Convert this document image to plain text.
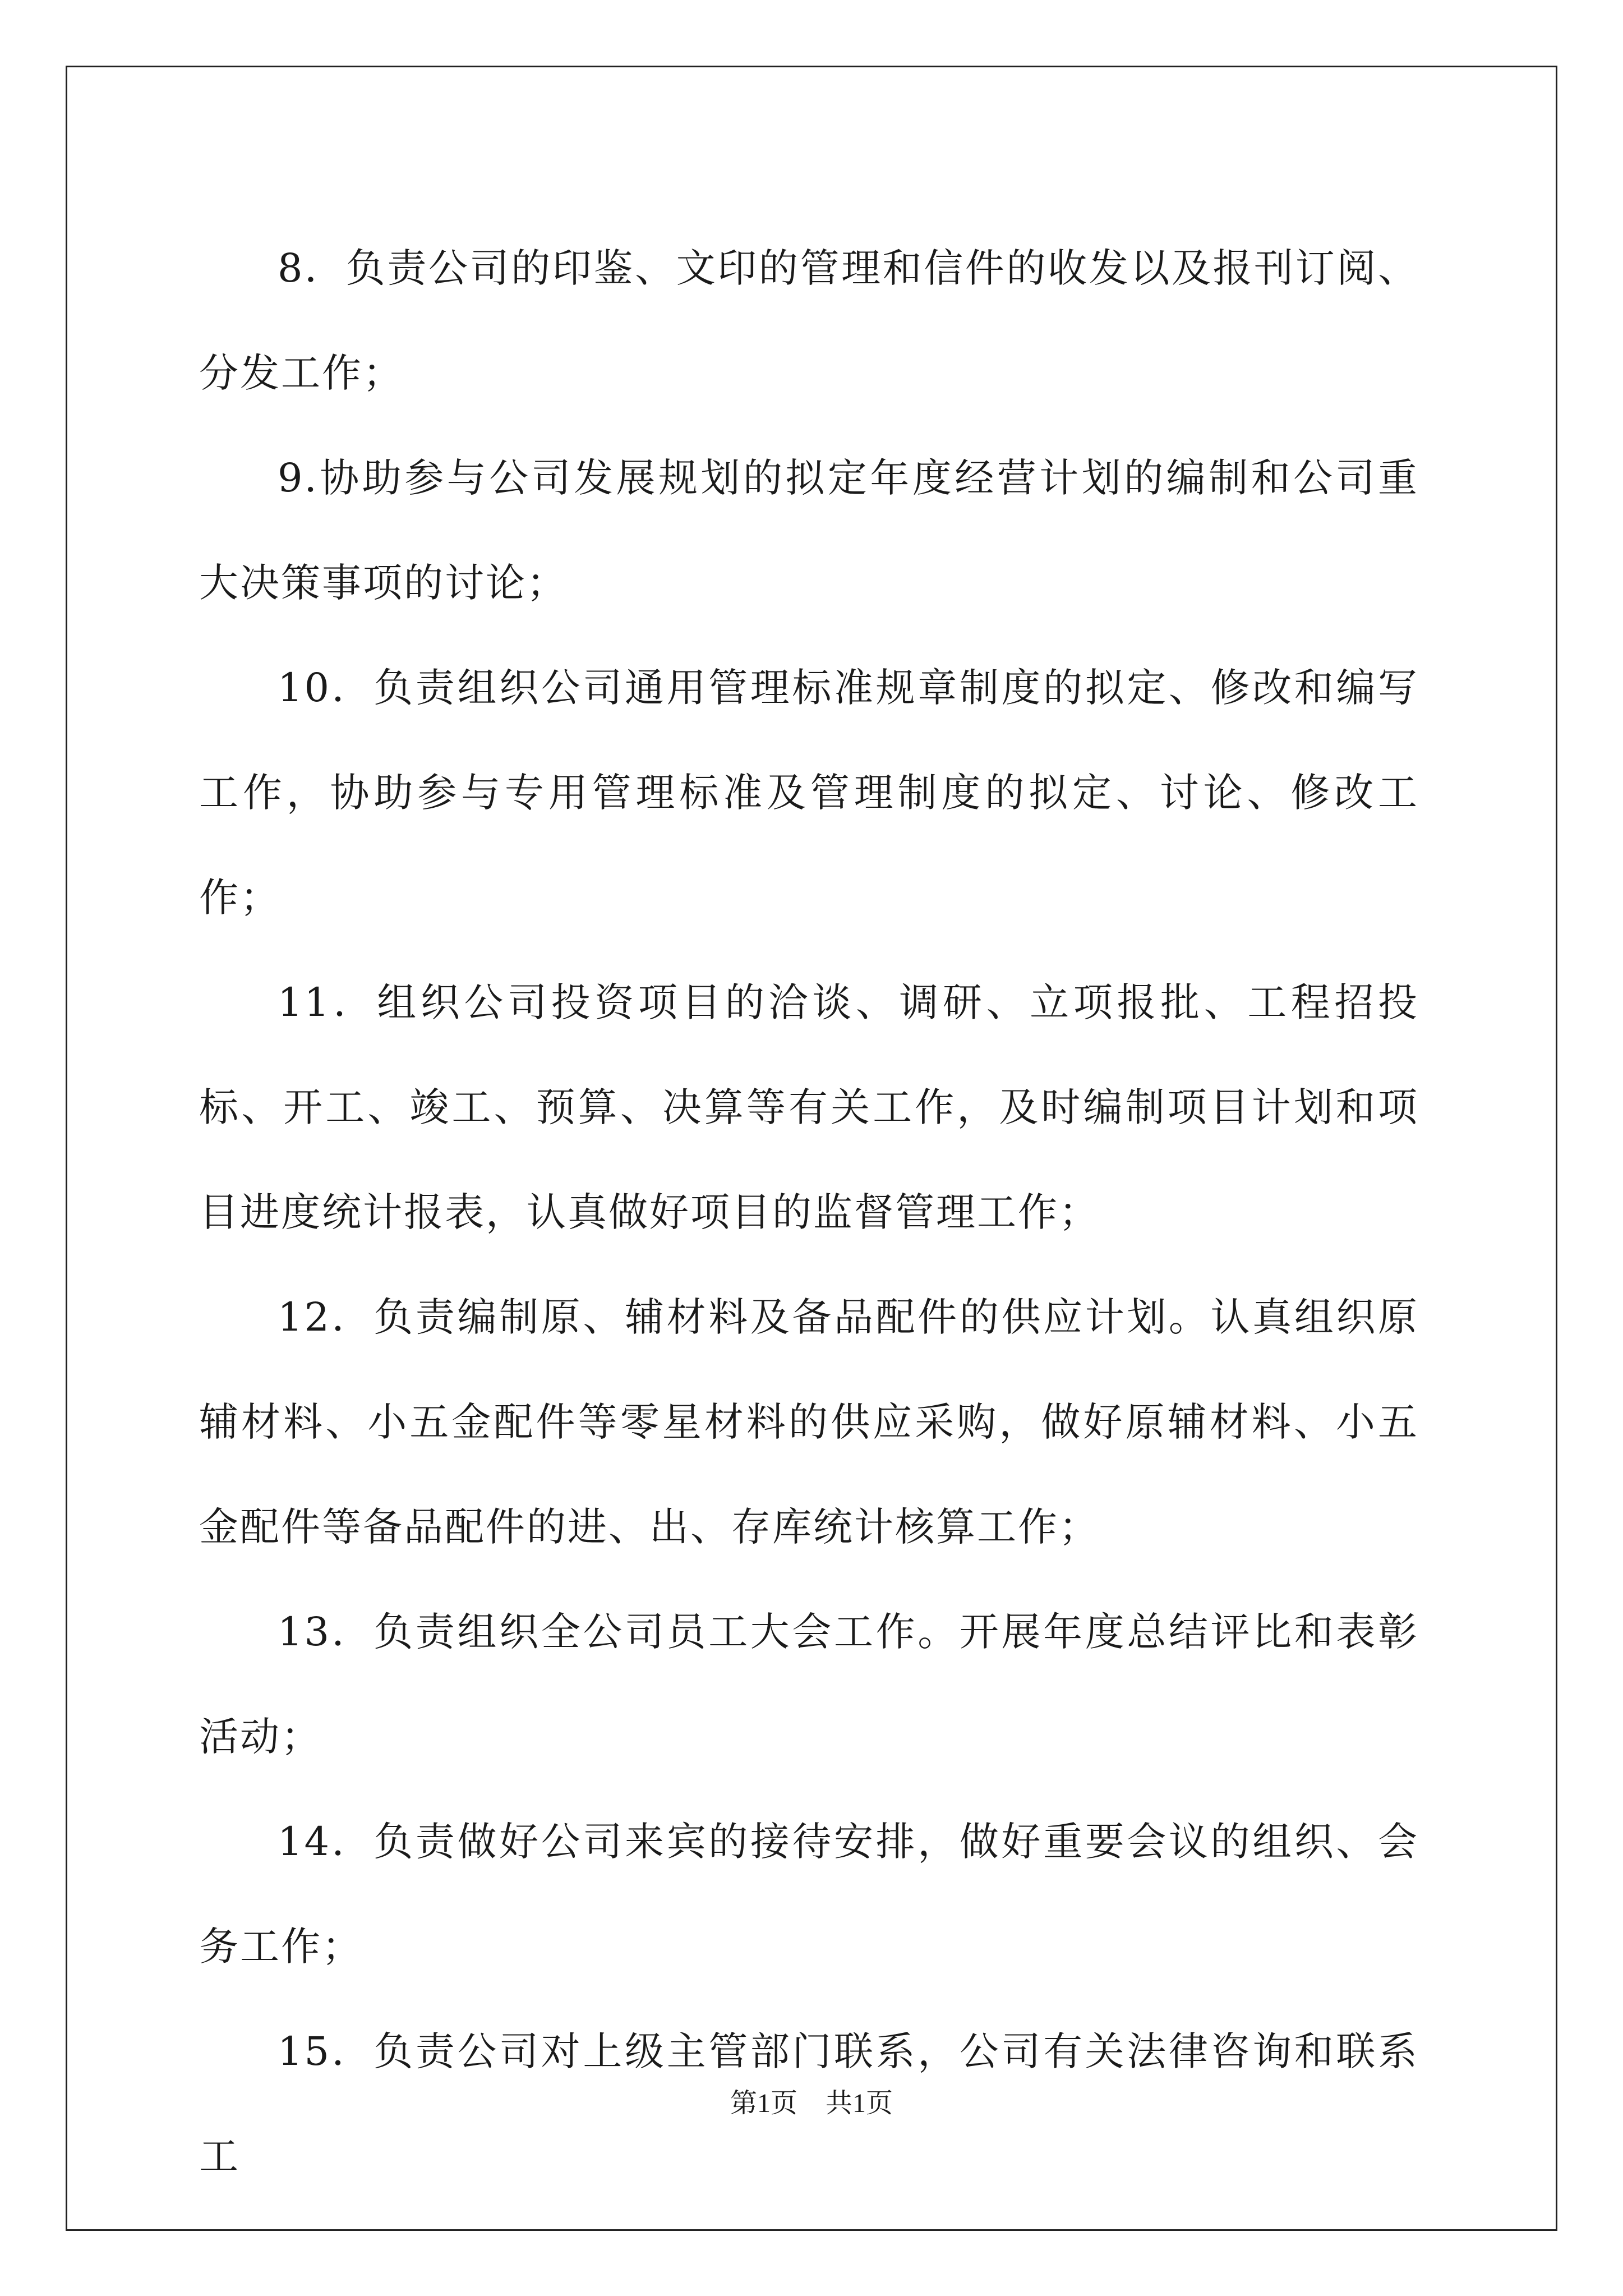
8．负责公司的印鉴、文印的管理和信件的收发以及报刊订阅、分发工作；

9.协助参与公司发展规划的拟定年度经营计划的编制和公司重大决策事项的讨论；

10．负责组织公司通用管理标准规章制度的拟定、修改和编写工作，协助参与专用管理标准及管理制度的拟定、讨论、修改工作；

11．组织公司投资项目的洽谈、调研、立项报批、工程招投标、开工、竣工、预算、决算等有关工作，及时编制项目计划和项目进度统计报表，认真做好项目的监督管理工作；

12．负责编制原、辅材料及备品配件的供应计划。认真组织原辅材料、小五金配件等零星材料的供应采购，做好原辅材料、小五金配件等备品配件的进、出、存库统计核算工作；

13．负责组织全公司员工大会工作。开展年度总结评比和表彰活动；

14．负责做好公司来宾的接待安排，做好重要会议的组织、会务工作；

15．负责公司对上级主管部门联系，公司有关法律咨询和联系工

第1页 共1页
